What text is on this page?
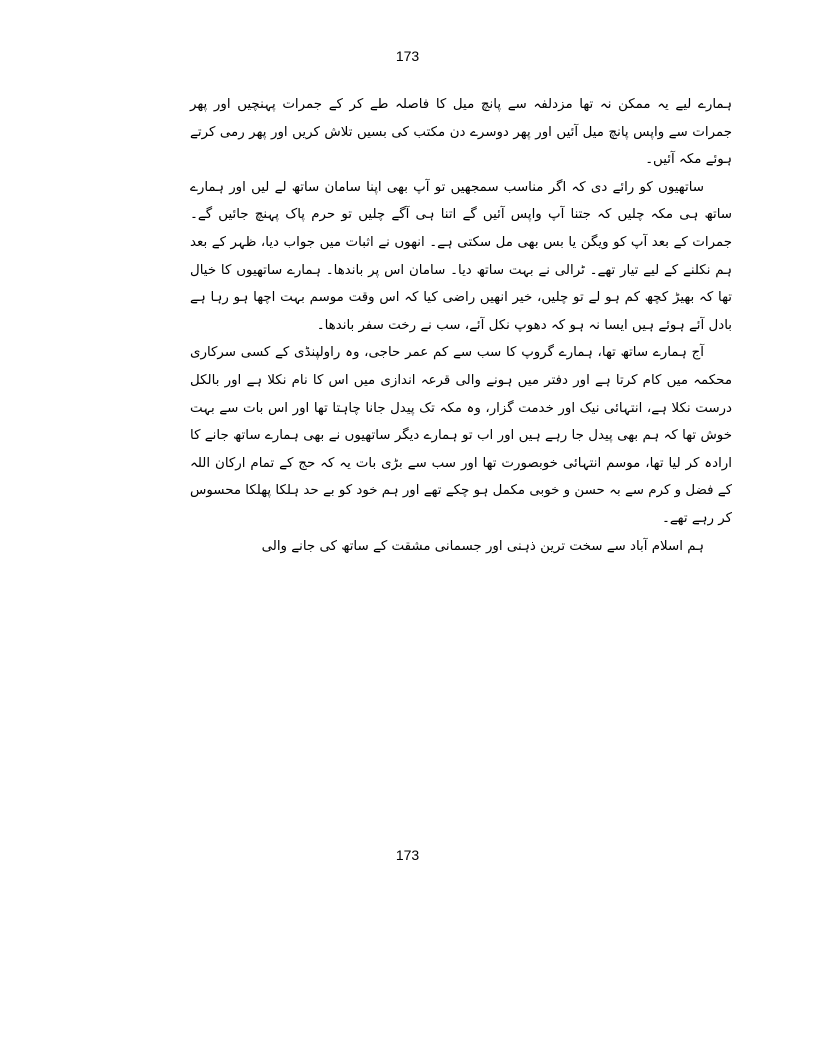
173

ہمارے لیے یہ ممکن نہ تھا مزدلفہ سے پانچ میل کا فاصلہ طے کر کے جمرات پہنچیں اور پھر جمرات سے واپس پانچ میل آئیں اور پھر دوسرے دن مکتب کی بسیں تلاش کریں اور پھر رمی کرتے ہوئے مکہ آئیں۔

ساتھیوں کو رائے دی کہ اگر مناسب سمجھیں تو آپ بھی اپنا سامان ساتھ لے لیں اور ہمارے ساتھ ہی مکہ چلیں کہ جتنا آپ واپس آئیں گے اتنا ہی آگے چلیں تو حرم پاک پہنچ جائیں گے۔ جمرات کے بعد آپ کو ویگن یا بس بھی مل سکتی ہے۔ انھوں نے اثبات میں جواب دیا، ظہر کے بعد ہم نکلنے کے لیے تیار تھے۔ ٹرالی نے بہت ساتھ دیا۔ سامان اس پر باندھا۔ ہمارے ساتھیوں کا خیال تھا کہ بھیڑ کچھ کم ہو لے تو چلیں، خیر انھیں راضی کیا کہ اس وقت موسم بہت اچھا ہو رہا ہے بادل آئے ہوئے ہیں ایسا نہ ہو کہ دھوپ نکل آئے، سب نے رخت سفر باندھا۔

آج ہمارے ساتھ تھا، ہمارے گروپ کا سب سے کم عمر حاجی، وہ راولپنڈی کے کسی سرکاری محکمہ میں کام کرتا ہے اور دفتر میں ہونے والی قرعہ اندازی میں اس کا نام نکلا ہے اور بالکل درست نکلا ہے، انتہائی نیک اور خدمت گزار، وہ مکہ تک پیدل جانا چاہتا تھا اور اس بات سے بہت خوش تھا کہ ہم بھی پیدل جا رہے ہیں اور اب تو ہمارے دیگر ساتھیوں نے بھی ہمارے ساتھ جانے کا ارادہ کر لیا تھا، موسم انتہائی خوبصورت تھا اور سب سے بڑی بات یہ کہ حج کے تمام ارکان اللہ کے فضل و کرم سے بہ حسن و خوبی مکمل ہو چکے تھے اور ہم خود کو بے حد ہلکا پھلکا محسوس کر رہے تھے۔

ہم اسلام آباد سے سخت ترین ذہنی اور جسمانی مشقت کے ساتھ کی جانے والی

173
